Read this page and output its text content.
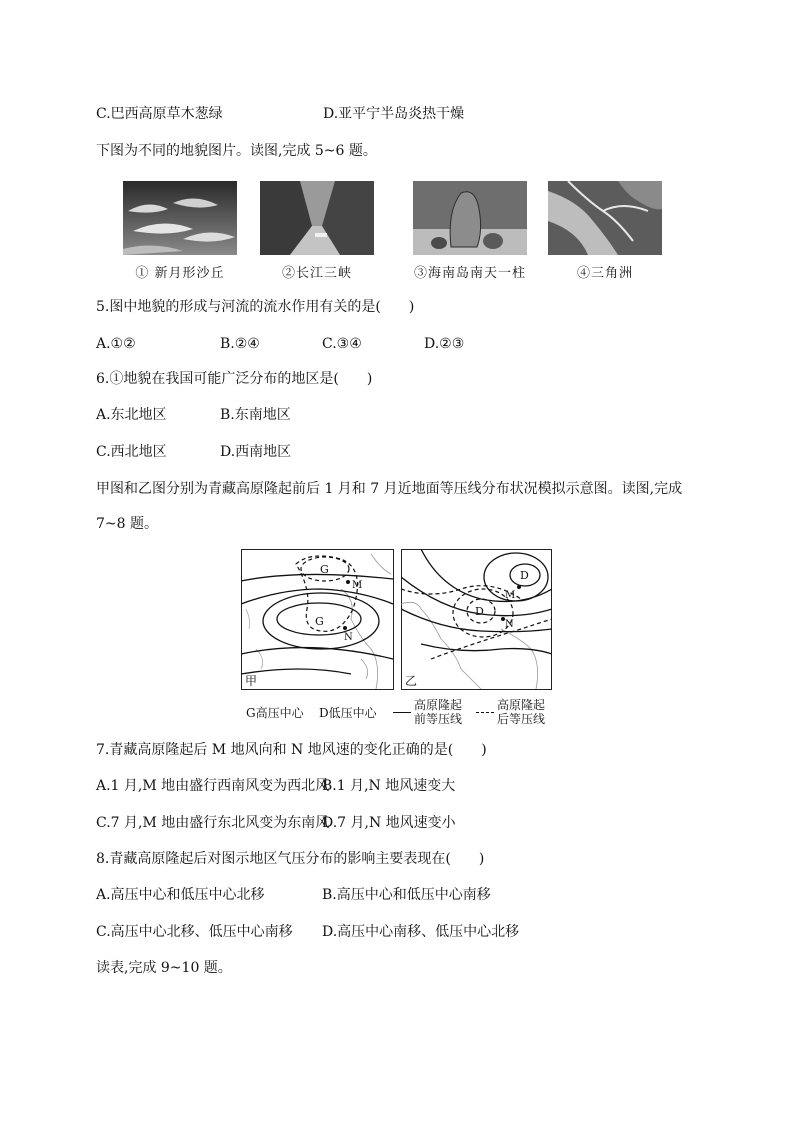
C.巴西高原草木葱绿	D.亚平宁半岛炎热干燥
下图为不同的地貌图片。读图,完成 5~6 题。
① 新月形沙丘	②长江三峡	③海南岛南天一柱	④三角洲
5.图中地貌的形成与河流的流水作用有关的是(　　)
A.①②	B.②④	C.③④	D.②③
6.①地貌在我国可能广泛分布的地区是(　　)
A.东北地区	B.东南地区
C.西北地区	D.西南地区
甲图和乙图分别为青藏高原隆起前后 1 月和 7 月近地面等压线分布状况模拟示意图。读图,完成
7~8 题。
G
G
M
N
甲
D
D
M
N
乙
G高压中心 D低压中心
高原隆起
前等压线
高原隆起
后等压线
7.青藏高原隆起后 M 地风向和 N 地风速的变化正确的是(　　)
A.1 月,M 地由盛行西南风变为西北风
B.1 月,N 地风速变大
C.7 月,M 地由盛行东北风变为东南风
D.7 月,N 地风速变小
8.青藏高原隆起后对图示地区气压分布的影响主要表现在(　　)
A.高压中心和低压中心北移	B.高压中心和低压中心南移
C.高压中心北移、低压中心南移 D.高压中心南移、低压中心北移
读表,完成 9~10 题。
